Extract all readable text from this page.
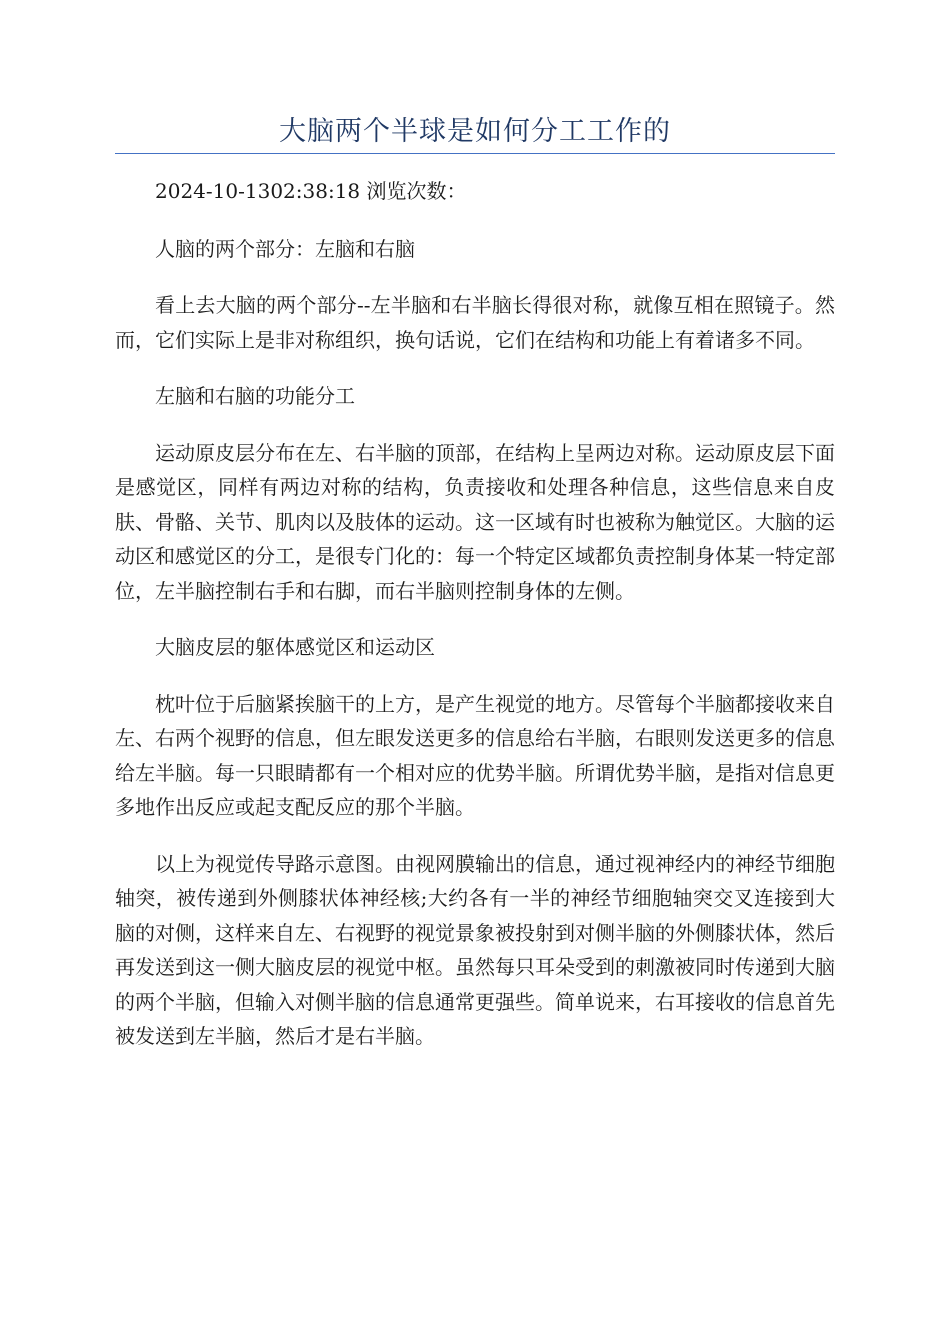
大脑两个半球是如何分工工作的

2024-10-1302:38:18 浏览次数：

人脑的两个部分：左脑和右脑

看上去大脑的两个部分--左半脑和右半脑长得很对称，就像互相在照镜子。然而，它们实际上是非对称组织，换句话说，它们在结构和功能上有着诸多不同。

左脑和右脑的功能分工

运动原皮层分布在左、右半脑的顶部，在结构上呈两边对称。运动原皮层下面是感觉区，同样有两边对称的结构，负责接收和处理各种信息，这些信息来自皮肤、骨骼、关节、肌肉以及肢体的运动。这一区域有时也被称为触觉区。大脑的运动区和感觉区的分工，是很专门化的：每一个特定区域都负责控制身体某一特定部位，左半脑控制右手和右脚，而右半脑则控制身体的左侧。

大脑皮层的躯体感觉区和运动区

枕叶位于后脑紧挨脑干的上方，是产生视觉的地方。尽管每个半脑都接收来自左、右两个视野的信息，但左眼发送更多的信息给右半脑，右眼则发送更多的信息给左半脑。每一只眼睛都有一个相对应的优势半脑。所谓优势半脑，是指对信息更多地作出反应或起支配反应的那个半脑。

以上为视觉传导路示意图。由视网膜输出的信息，通过视神经内的神经节细胞轴突，被传递到外侧膝状体神经核;大约各有一半的神经节细胞轴突交叉连接到大脑的对侧，这样来自左、右视野的视觉景象被投射到对侧半脑的外侧膝状体，然后再发送到这一侧大脑皮层的视觉中枢。虽然每只耳朵受到的刺激被同时传递到大脑的两个半脑，但输入对侧半脑的信息通常更强些。简单说来，右耳接收的信息首先被发送到左半脑，然后才是右半脑。
